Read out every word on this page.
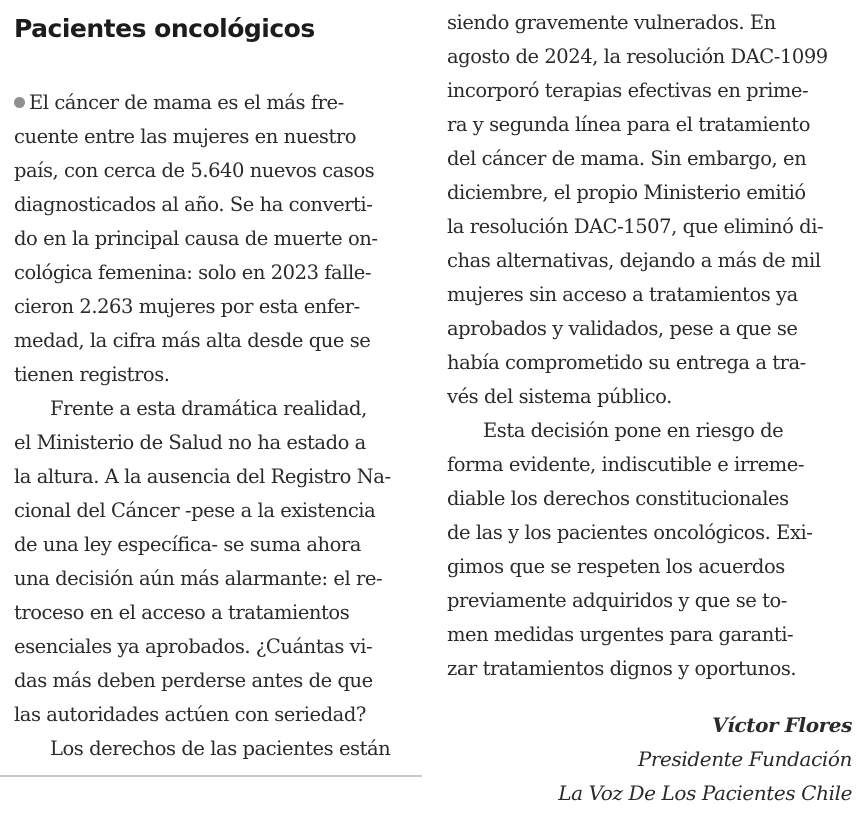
Pacientes oncológicos
El cáncer de mama es el más fre-
cuente entre las mujeres en nuestro
país, con cerca de 5.640 nuevos casos
diagnosticados al año. Se ha converti-
do en la principal causa de muerte on-
cológica femenina: solo en 2023 falle-
cieron 2.263 mujeres por esta enfer-
medad, la cifra más alta desde que se
tienen registros.
Frente a esta dramática realidad,
el Ministerio de Salud no ha estado a
la altura. A la ausencia del Registro Na-
cional del Cáncer -pese a la existencia
de una ley específica- se suma ahora
una decisión aún más alarmante: el re-
troceso en el acceso a tratamientos
esenciales ya aprobados. ¿Cuántas vi-
das más deben perderse antes de que
las autoridades actúen con seriedad?
Los derechos de las pacientes están
siendo gravemente vulnerados. En
agosto de 2024, la resolución DAC-1099
incorporó terapias efectivas en prime-
ra y segunda línea para el tratamiento
del cáncer de mama. Sin embargo, en
diciembre, el propio Ministerio emitió
la resolución DAC-1507, que eliminó di-
chas alternativas, dejando a más de mil
mujeres sin acceso a tratamientos ya
aprobados y validados, pese a que se
había comprometido su entrega a tra-
vés del sistema público.
Esta decisión pone en riesgo de
forma evidente, indiscutible e irreme-
diable los derechos constitucionales
de las y los pacientes oncológicos. Exi-
gimos que se respeten los acuerdos
previamente adquiridos y que se to-
men medidas urgentes para garanti-
zar tratamientos dignos y oportunos.
Víctor Flores
Presidente Fundación
La Voz De Los Pacientes Chile
